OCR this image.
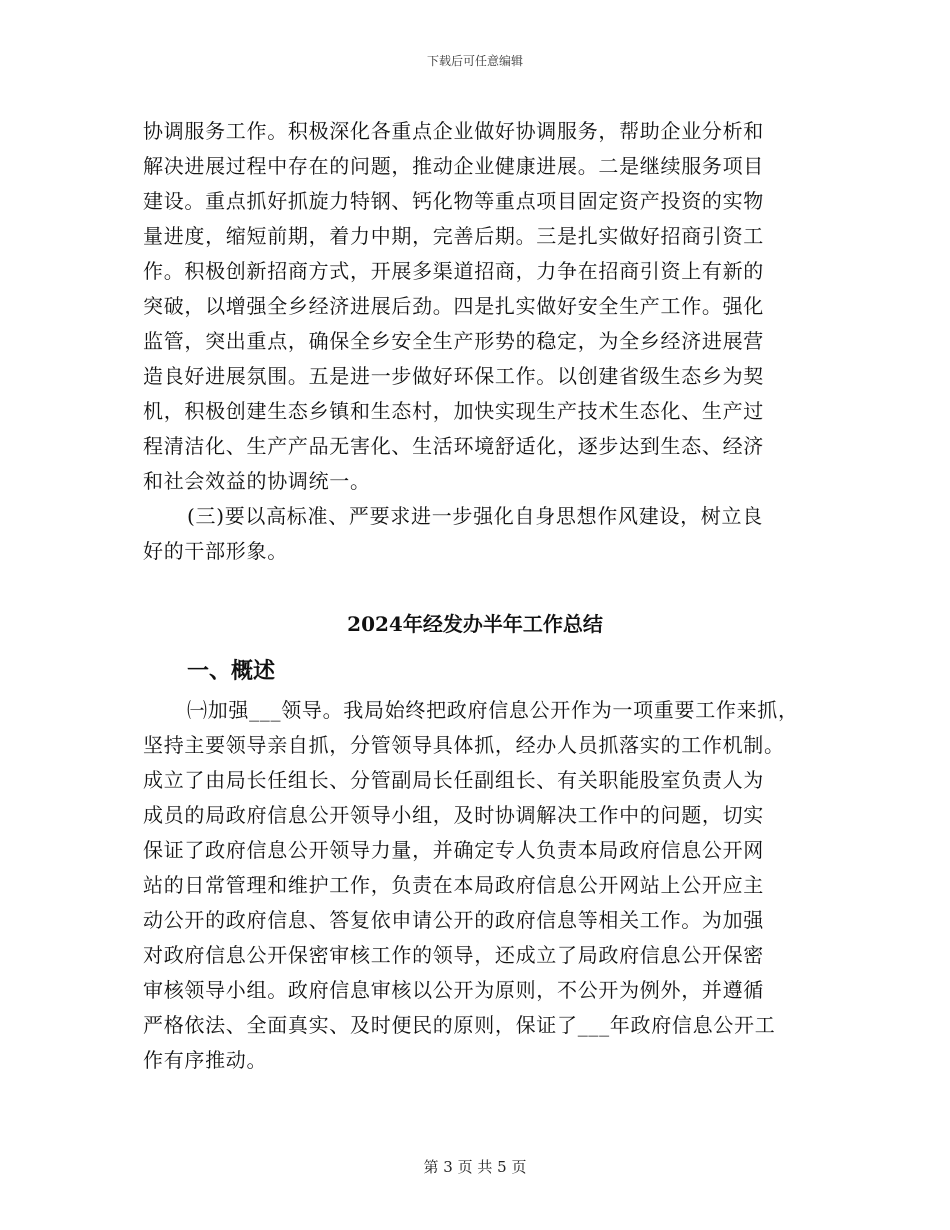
下载后可任意编辑
协调服务工作。积极深化各重点企业做好协调服务，帮助企业分析和
解决进展过程中存在的问题，推动企业健康进展。二是继续服务项目
建设。重点抓好抓旋力特钢、钙化物等重点项目固定资产投资的实物
量进度，缩短前期，着力中期，完善后期。三是扎实做好招商引资工
作。积极创新招商方式，开展多渠道招商，力争在招商引资上有新的
突破，以增强全乡经济进展后劲。四是扎实做好安全生产工作。强化
监管，突出重点，确保全乡安全生产形势的稳定，为全乡经济进展营
造良好进展氛围。五是进一步做好环保工作。以创建省级生态乡为契
机，积极创建生态乡镇和生态村，加快实现生产技术生态化、生产过
程清洁化、生产产品无害化、生活环境舒适化，逐步达到生态、经济
和社会效益的协调统一。
(三)要以高标准、严要求进一步强化自身思想作风建设，树立良
好的干部形象。
2024年经发办半年工作总结
一、概述
㈠加强___领导。我局始终把政府信息公开作为一项重要工作来抓，
坚持主要领导亲自抓，分管领导具体抓，经办人员抓落实的工作机制。
成立了由局长任组长、分管副局长任副组长、有关职能股室负责人为
成员的局政府信息公开领导小组，及时协调解决工作中的问题，切实
保证了政府信息公开领导力量，并确定专人负责本局政府信息公开网
站的日常管理和维护工作，负责在本局政府信息公开网站上公开应主
动公开的政府信息、答复依申请公开的政府信息等相关工作。为加强
对政府信息公开保密审核工作的领导，还成立了局政府信息公开保密
审核领导小组。政府信息审核以公开为原则，不公开为例外，并遵循
严格依法、全面真实、及时便民的原则，保证了___年政府信息公开工
作有序推动。
第 3 页 共 5 页
